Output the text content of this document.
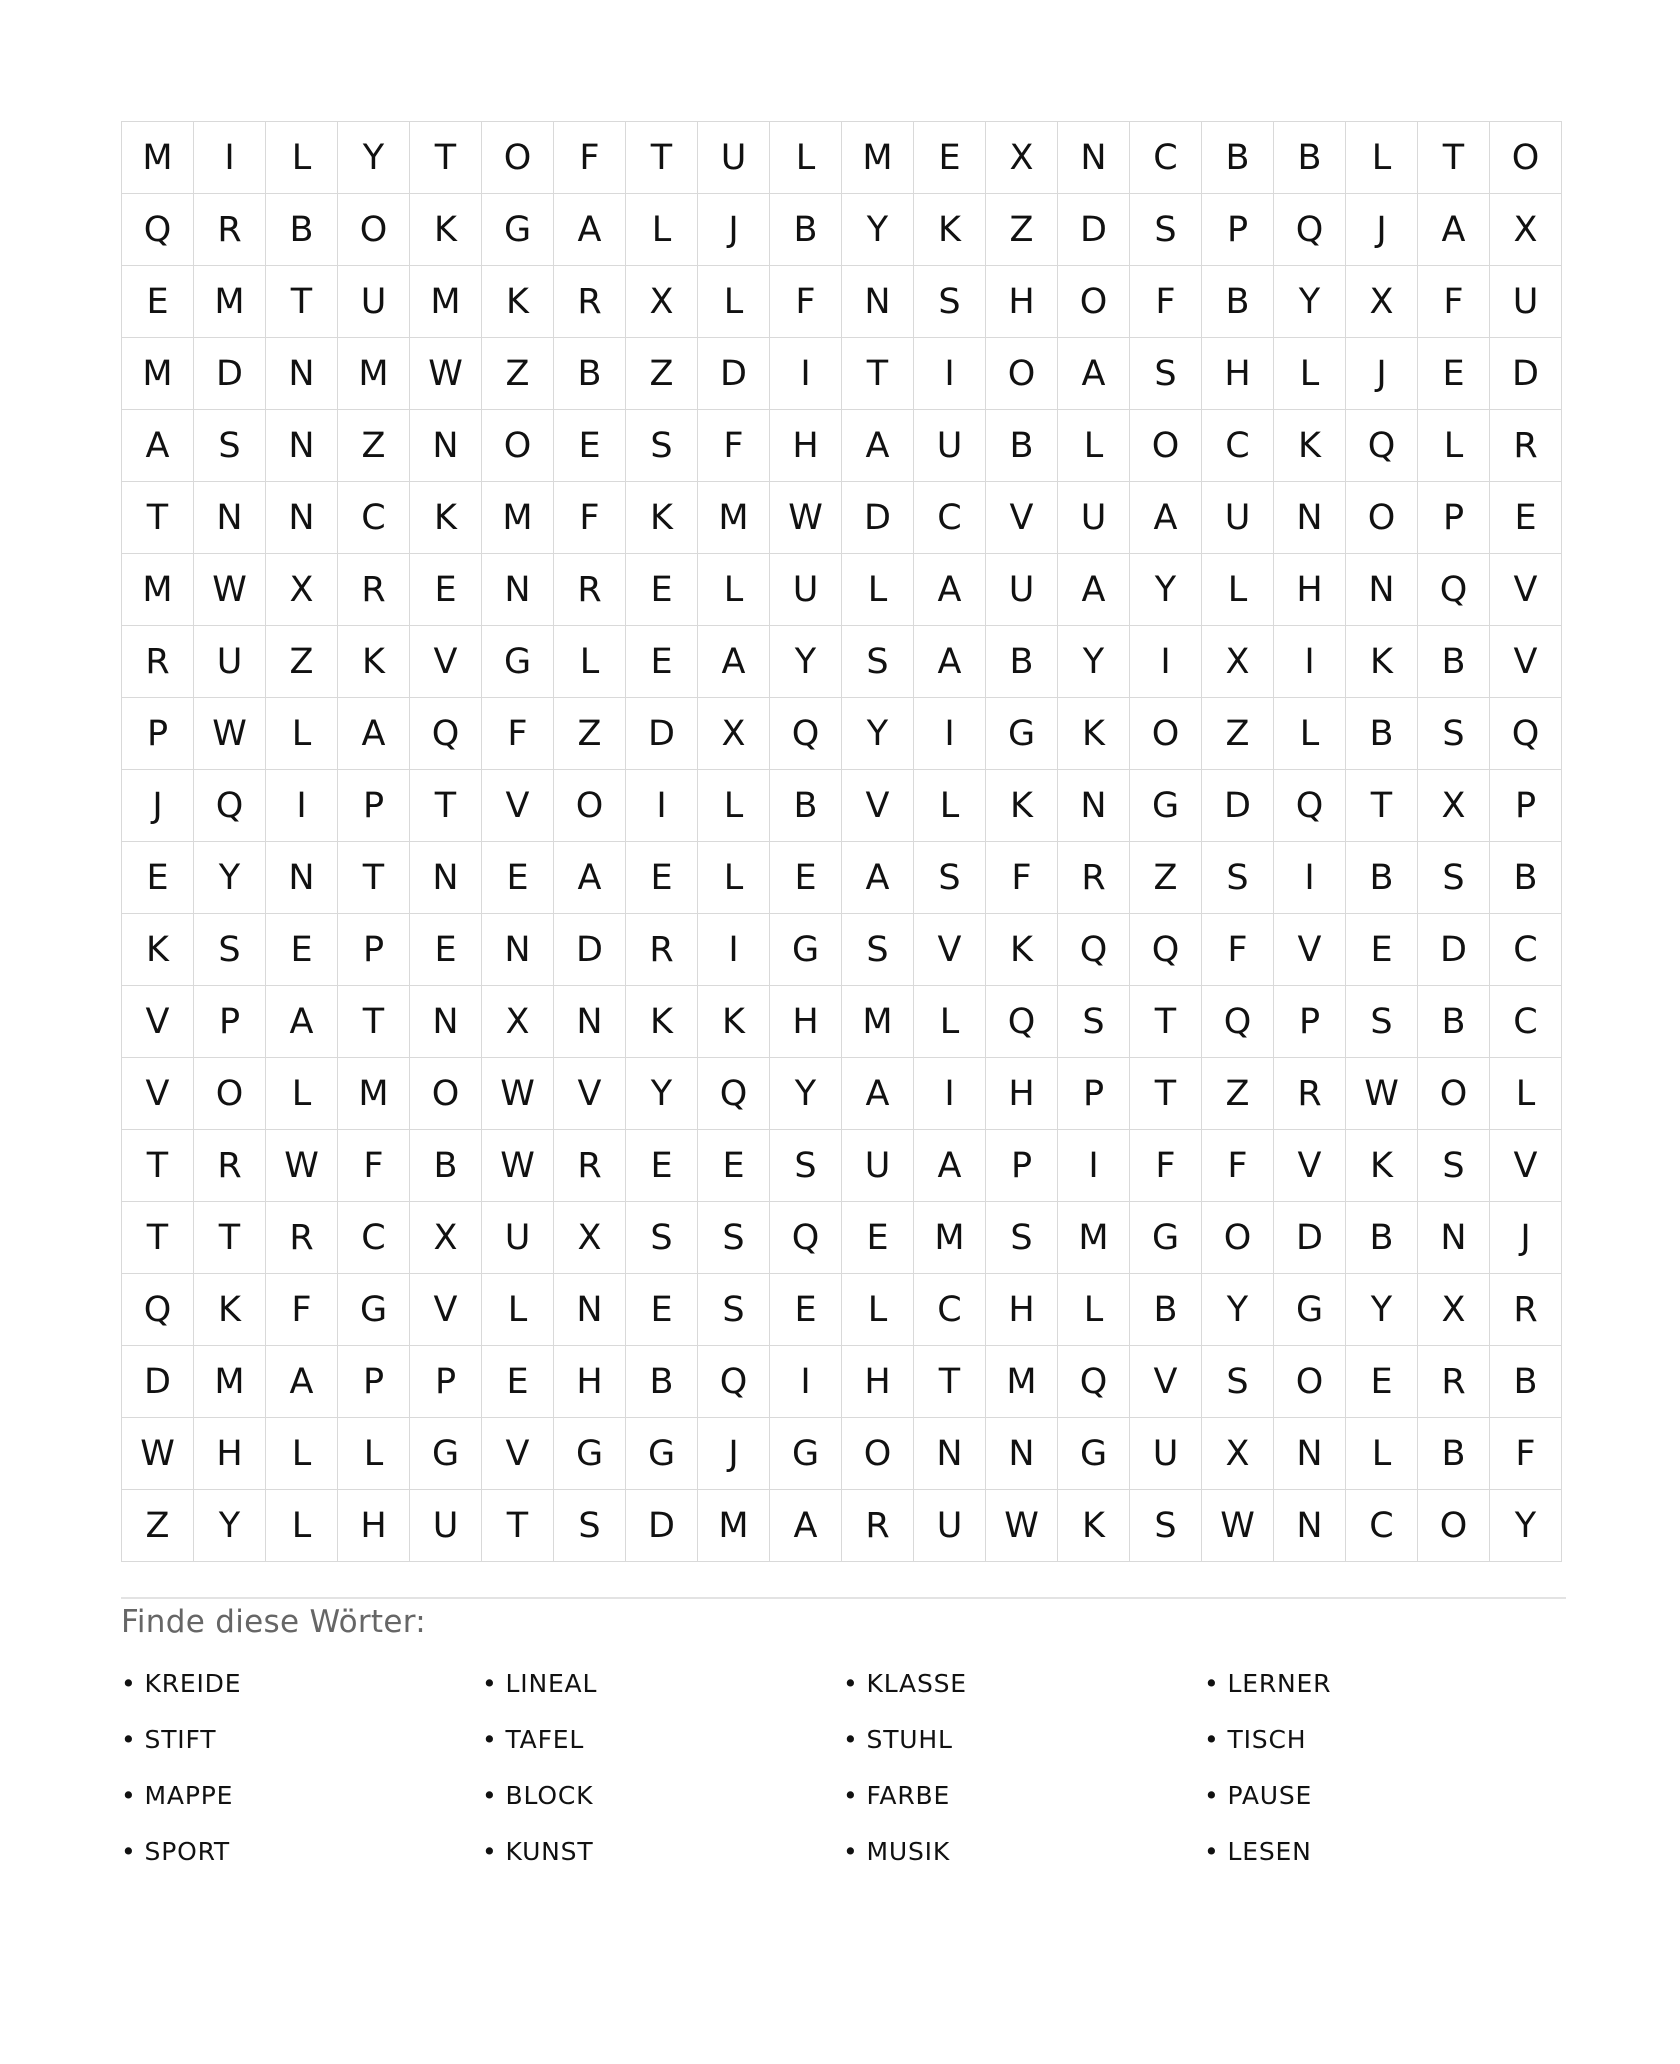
M	I	L	Y	T	O	F	T	U	L	M	E	X	N	C	B	B	L	T	O
Q	R	B	O	K	G	A	L	J	B	Y	K	Z	D	S	P	Q	J	A	X
E	M	T	U	M	K	R	X	L	F	N	S	H	O	F	B	Y	X	F	U
M	D	N	M	W	Z	B	Z	D	I	T	I	O	A	S	H	L	J	E	D
A	S	N	Z	N	O	E	S	F	H	A	U	B	L	O	C	K	Q	L	R
T	N	N	C	K	M	F	K	M	W	D	C	V	U	A	U	N	O	P	E
M	W	X	R	E	N	R	E	L	U	L	A	U	A	Y	L	H	N	Q	V
R	U	Z	K	V	G	L	E	A	Y	S	A	B	Y	I	X	I	K	B	V
P	W	L	A	Q	F	Z	D	X	Q	Y	I	G	K	O	Z	L	B	S	Q
J	Q	I	P	T	V	O	I	L	B	V	L	K	N	G	D	Q	T	X	P
E	Y	N	T	N	E	A	E	L	E	A	S	F	R	Z	S	I	B	S	B
K	S	E	P	E	N	D	R	I	G	S	V	K	Q	Q	F	V	E	D	C
V	P	A	T	N	X	N	K	K	H	M	L	Q	S	T	Q	P	S	B	C
V	O	L	M	O	W	V	Y	Q	Y	A	I	H	P	T	Z	R	W	O	L
T	R	W	F	B	W	R	E	E	S	U	A	P	I	F	F	V	K	S	V
T	T	R	C	X	U	X	S	S	Q	E	M	S	M	G	O	D	B	N	J
Q	K	F	G	V	L	N	E	S	E	L	C	H	L	B	Y	G	Y	X	R
D	M	A	P	P	E	H	B	Q	I	H	T	M	Q	V	S	O	E	R	B
W	H	L	L	G	V	G	G	J	G	O	N	N	G	U	X	N	L	B	F
Z	Y	L	H	U	T	S	D	M	A	R	U	W	K	S	W	N	C	O	Y
Finde diese Wörter:
• KREIDE	• LINEAL	• KLASSE	• LERNER
• STIFT	• TAFEL	• STUHL	• TISCH
• MAPPE	• BLOCK	• FARBE	• PAUSE
• SPORT	• KUNST	• MUSIK	• LESEN
